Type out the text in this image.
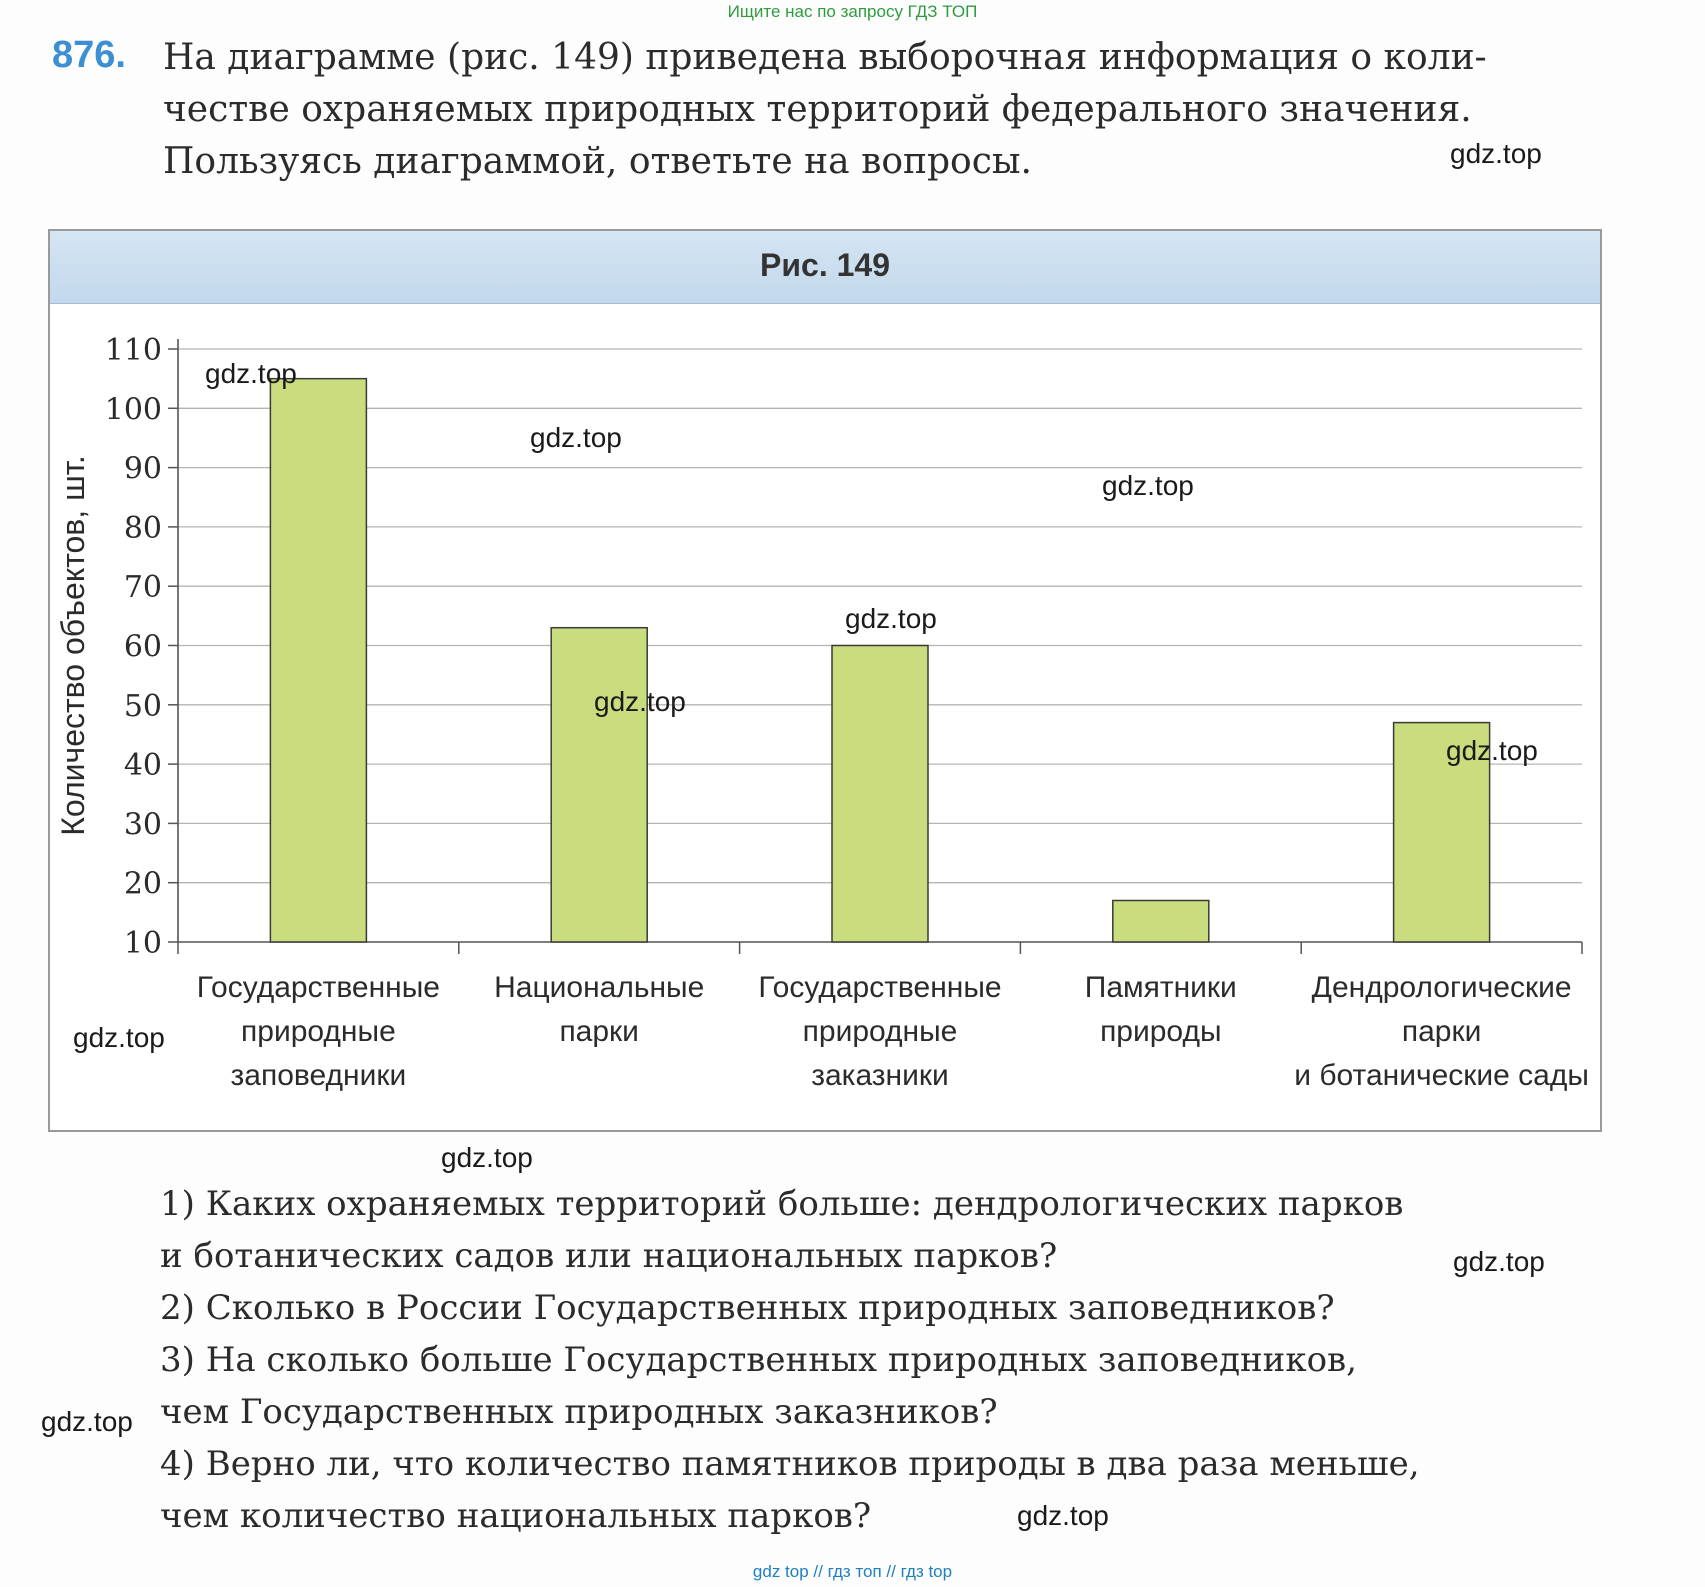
Ищите нас по запросу ГДЗ ТОП
876. На диаграмме (рис. 149) приведена выборочная информация о коли-
честве охраняемых природных территорий федерального значения.
Пользуясь диаграммой, ответьте на вопросы.
Рис. 149
10
20
30
40
50
60
70
80
90
100
110
Государственные природные заповедники
Национальные парки
Государственные природные заказники
Памятники природы
Дендрологические парки и ботанические сады
Количество объектов, шт.
1) Каких охраняемых территорий больше: дендрологических парков
и ботанических садов или национальных парков?
2) Сколько в России Государственных природных заповедников?
3) На сколько больше Государственных природных заповедников,
чем Государственных природных заказников?
4) Верно ли, что количество памятников природы в два раза меньше,
чем количество национальных парков?
gdz.top
gdz.top
gdz.top
gdz.top
gdz.top
gdz.top
gdz.top
gdz.top
gdz.top
gdz.top
gdz.top
gdz.top
gdz top // гдз топ // гдз top
